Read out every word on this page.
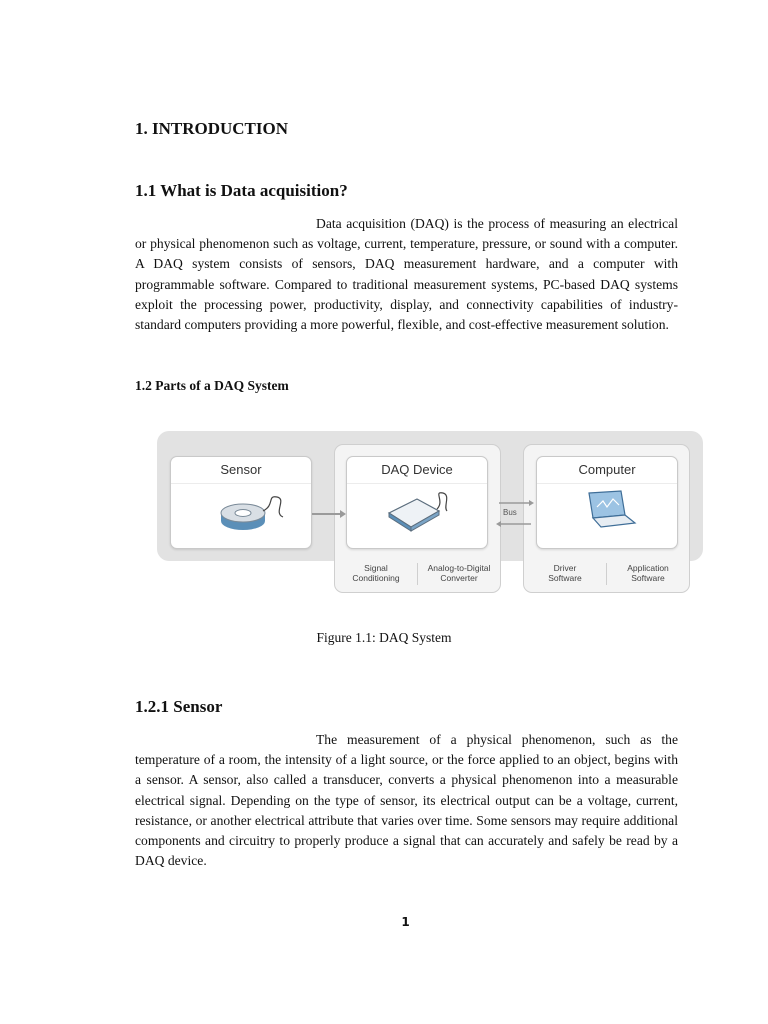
1. INTRODUCTION
1.1 What is Data acquisition?

Data acquisition (DAQ) is the process of measuring an electrical or physical phenomenon such as voltage, current, temperature, pressure, or sound with a computer. A DAQ system consists of sensors, DAQ measurement hardware, and a computer with programmable software. Compared to traditional measurement systems, PC-based DAQ systems exploit the processing power, productivity, display, and connectivity capabilities of industry-standard computers providing a more powerful, flexible, and cost-effective measurement solution.

1.2 Parts of a DAQ System
Sensor	DAQ Device	Computer
Bus
Signal
Conditioning
Analog-to-Digital
Converter
Driver
Software
Application
Software

Figure 1.1: DAQ System

1.2.1 Sensor

The measurement of a physical phenomenon, such as the temperature of a room, the intensity of a light source, or the force applied to an object, begins with a sensor. A sensor, also called a transducer, converts a physical phenomenon into a measurable electrical signal. Depending on the type of sensor, its electrical output can be a voltage, current, resistance, or another electrical attribute that varies over time. Some sensors may require additional components and circuitry to properly produce a signal that can accurately and safely be read by a DAQ device.

1
